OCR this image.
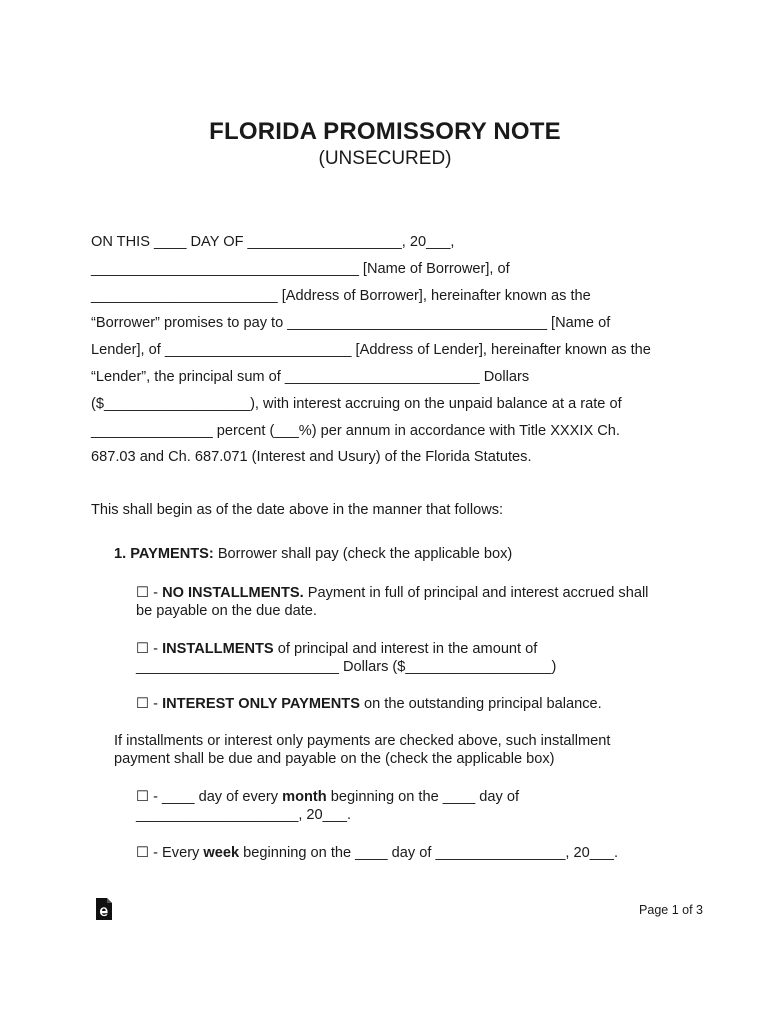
FLORIDA PROMISSORY NOTE
(UNSECURED)
ON THIS ____ DAY OF ___________________, 20___,
_________________________________ [Name of Borrower], of
_______________________ [Address of Borrower], hereinafter known as the
“Borrower” promises to pay to ________________________________ [Name of
Lender], of _______________________ [Address of Lender], hereinafter known as the
“Lender”, the principal sum of ________________________ Dollars
($__________________), with interest accruing on the unpaid balance at a rate of
_______________ percent (___%) per annum in accordance with Title XXXIX Ch.
687.03 and Ch. 687.071 (Interest and Usury) of the Florida Statutes.
This shall begin as of the date above in the manner that follows:
1. PAYMENTS: Borrower shall pay (check the applicable box)
☐ - NO INSTALLMENTS. Payment in full of principal and interest accrued shall
be payable on the due date.
☐ - INSTALLMENTS of principal and interest in the amount of
_________________________ Dollars ($__________________)
☐ - INTEREST ONLY PAYMENTS on the outstanding principal balance.
If installments or interest only payments are checked above, such installment
payment shall be due and payable on the (check the applicable box)
☐ - ____ day of every month beginning on the ____ day of
____________________, 20___.
☐ - Every week beginning on the ____ day of ________________, 20___.
Page 1 of 3
